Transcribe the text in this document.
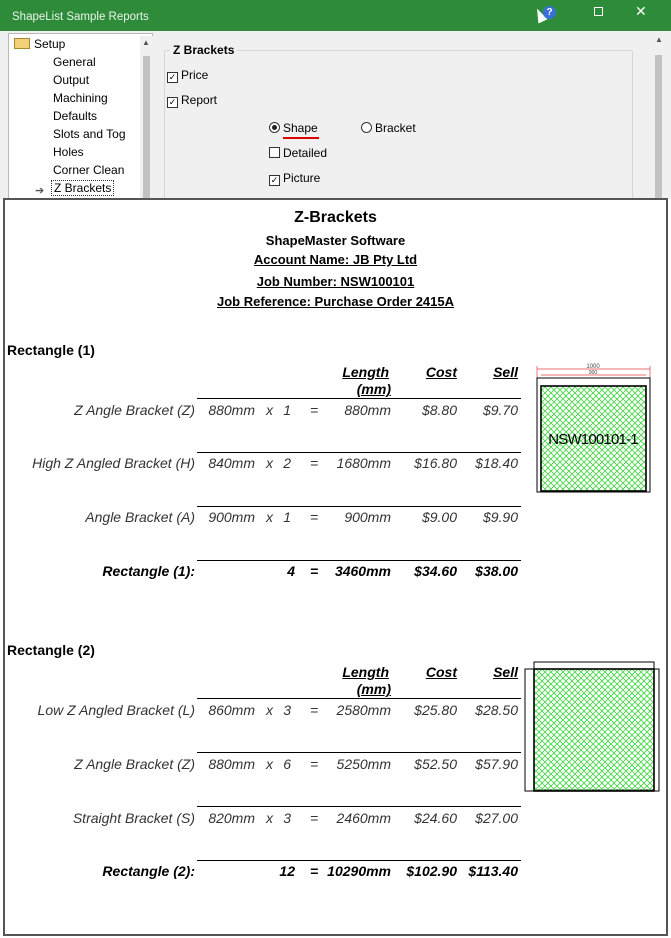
ShapeList Sample Reports	?	✕
Setup
General
Output
Machining
Defaults
Slots and Tog
Holes
Corner Clean
➔ Z Brackets
▲
Z Brackets
✓ Price
✓ Report
Shape	Bracket
Detailed
✓ Picture
▲
Z-Brackets
ShapeMaster Software
Account Name: JB Pty Ltd
Job Number: NSW100101
Job Reference: Purchase Order 2415A
Rectangle (1)
Length
(mm)
Cost	Sell
Z Angle Bracket (Z) 880mm x 1 =	880mm	$8.80	$9.70
High Z Angled Bracket (H) 840mm x 2 =	1680mm	$16.80	$18.40
Angle Bracket (A) 900mm x 1 =	900mm	$9.00	$9.90
Rectangle (1):	4 =	3460mm	$34.60	$38.00
1000
900
NSW100101-1
Rectangle (2)
Length
(mm)
Cost	Sell
Low Z Angled Bracket (L) 860mm x 3 =	2580mm	$25.80	$28.50
Z Angle Bracket (Z) 880mm x 6 =	5250mm	$52.50	$57.90
Straight Bracket (S) 820mm x 3 =	2460mm	$24.60	$27.00
Rectangle (2):	12 = 10290mm	$102.90 $113.40
